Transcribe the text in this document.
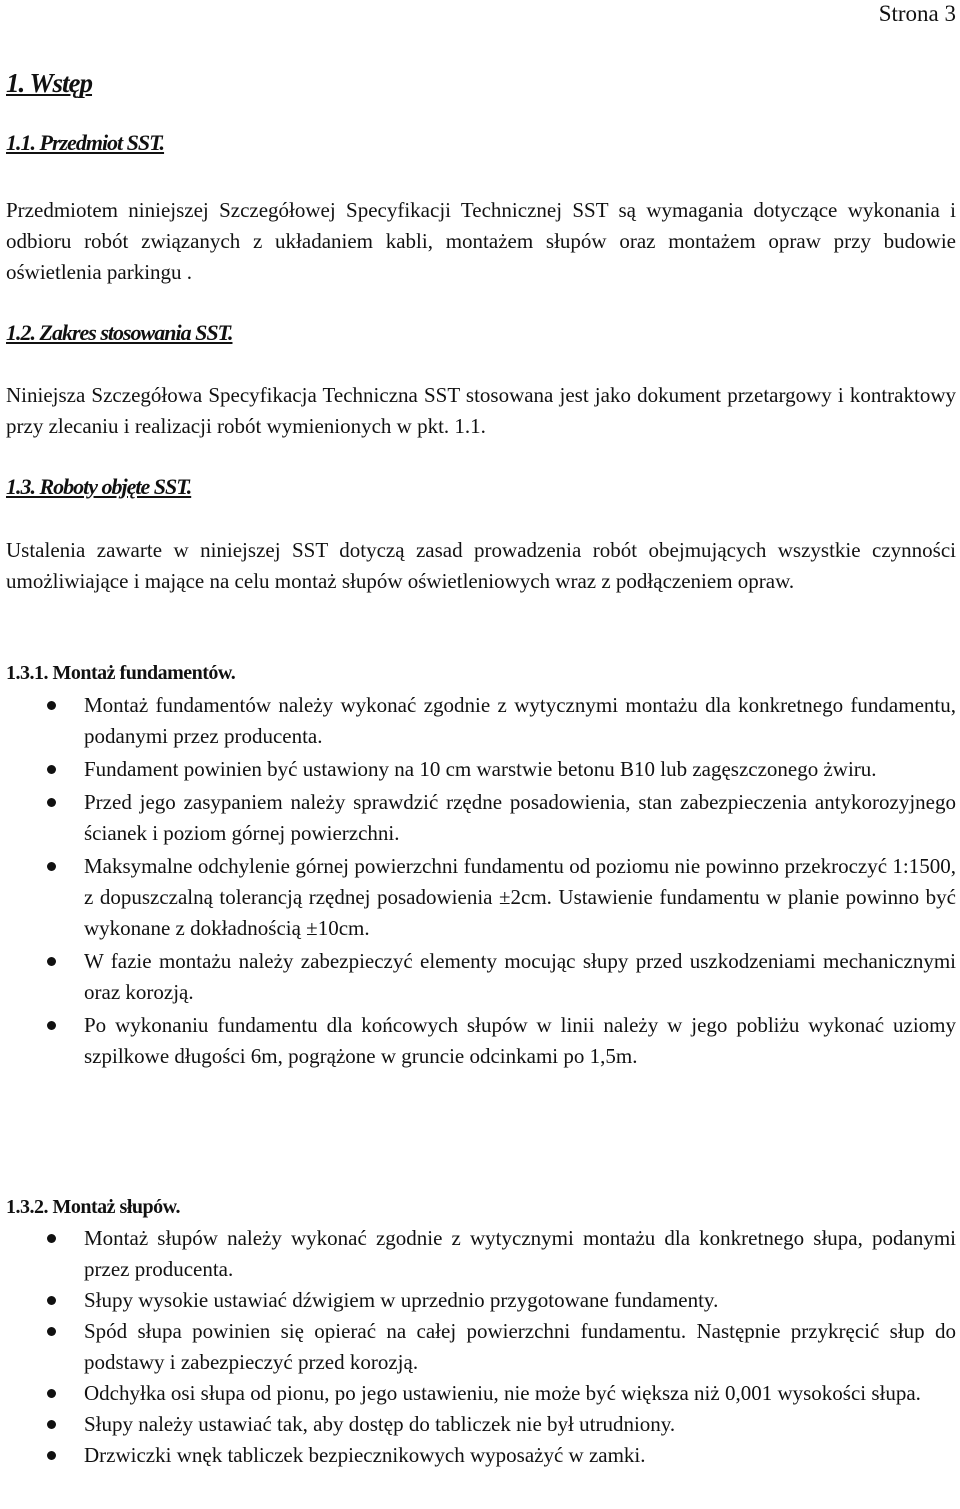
Strona 3
1. Wstęp
1.1. Przedmiot SST.
Przedmiotem niniejszej Szczegółowej Specyfikacji Technicznej SST są wymagania dotyczące wykonania i odbioru robót związanych z układaniem kabli, montażem słupów oraz montażem opraw przy budowie oświetlenia parkingu .
1.2. Zakres stosowania SST.
Niniejsza Szczegółowa Specyfikacja Techniczna SST stosowana jest jako dokument przetargowy i kontraktowy przy zlecaniu i realizacji robót wymienionych w pkt. 1.1.
1.3. Roboty objęte SST.
Ustalenia zawarte w niniejszej SST dotyczą zasad prowadzenia robót obejmujących wszystkie czynności umożliwiające i mające na celu montaż słupów oświetleniowych wraz z podłączeniem opraw.
1.3.1. Montaż fundamentów.
Montaż fundamentów należy wykonać zgodnie z wytycznymi montażu dla konkretnego fundamentu, podanymi przez producenta.
Fundament powinien być ustawiony na 10 cm warstwie betonu B10 lub zagęszczonego żwiru.
Przed jego zasypaniem należy sprawdzić rzędne posadowienia, stan zabezpieczenia antykorozyjnego ścianek i poziom górnej powierzchni.
Maksymalne odchylenie górnej powierzchni fundamentu od poziomu nie powinno przekroczyć 1:1500, z dopuszczalną tolerancją rzędnej posadowienia ±2cm. Ustawienie fundamentu w planie powinno być wykonane z dokładnością ±10cm.
W fazie montażu należy zabezpieczyć elementy mocując słupy przed uszkodzeniami mechanicznymi oraz korozją.
Po wykonaniu fundamentu dla końcowych słupów w linii należy w jego pobliżu wykonać uziomy szpilkowe długości 6m, pogrążone w gruncie odcinkami po 1,5m.
1.3.2. Montaż słupów.
Montaż słupów należy wykonać zgodnie z wytycznymi montażu dla konkretnego słupa, podanymi przez producenta.
Słupy wysokie ustawiać dźwigiem w uprzednio przygotowane fundamenty.
Spód słupa powinien się opierać na całej powierzchni fundamentu. Następnie przykręcić słup do podstawy i zabezpieczyć przed korozją.
Odchyłka osi słupa od pionu, po jego ustawieniu, nie może być większa niż 0,001 wysokości słupa.
Słupy należy ustawiać tak, aby dostęp do tabliczek nie był utrudniony.
Drzwiczki wnęk tabliczek bezpiecznikowych wyposażyć w zamki.
